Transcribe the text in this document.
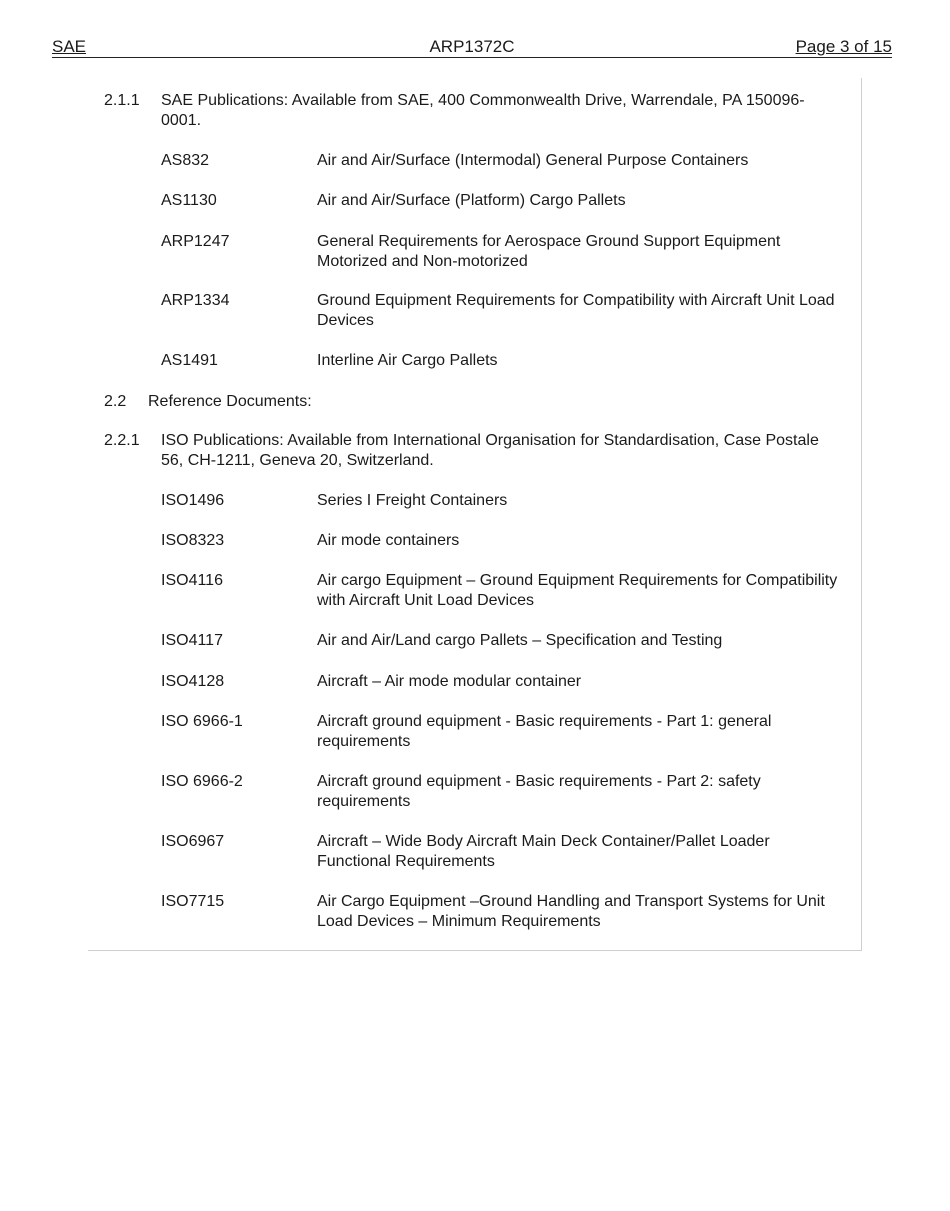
SAE	ARP1372C	Page 3 of 15
2.1.1 SAE Publications: Available from SAE, 400 Commonwealth Drive, Warrendale, PA 150096-0001.
AS832	Air and Air/Surface (Intermodal) General Purpose Containers
AS1130	Air and Air/Surface (Platform) Cargo Pallets
ARP1247	General Requirements for Aerospace Ground Support Equipment Motorized and Non-motorized
ARP1334	Ground Equipment Requirements for Compatibility with Aircraft Unit Load Devices
AS1491	Interline Air Cargo Pallets
2.2 Reference Documents:
2.2.1 ISO Publications: Available from International Organisation for Standardisation, Case Postale 56, CH-1211, Geneva 20, Switzerland.
ISO1496	Series I Freight Containers
ISO8323	Air mode containers
ISO4116	Air cargo Equipment – Ground Equipment Requirements for Compatibility with Aircraft Unit Load Devices
ISO4117	Air and Air/Land cargo Pallets – Specification and Testing
ISO4128	Aircraft – Air mode modular container
ISO 6966-1	Aircraft ground equipment - Basic requirements - Part 1: general requirements
ISO 6966-2	Aircraft ground equipment - Basic requirements - Part 2: safety requirements
ISO6967	Aircraft – Wide Body Aircraft Main Deck Container/Pallet Loader Functional Requirements
ISO7715	Air Cargo Equipment –Ground Handling and Transport Systems for Unit Load Devices – Minimum Requirements
